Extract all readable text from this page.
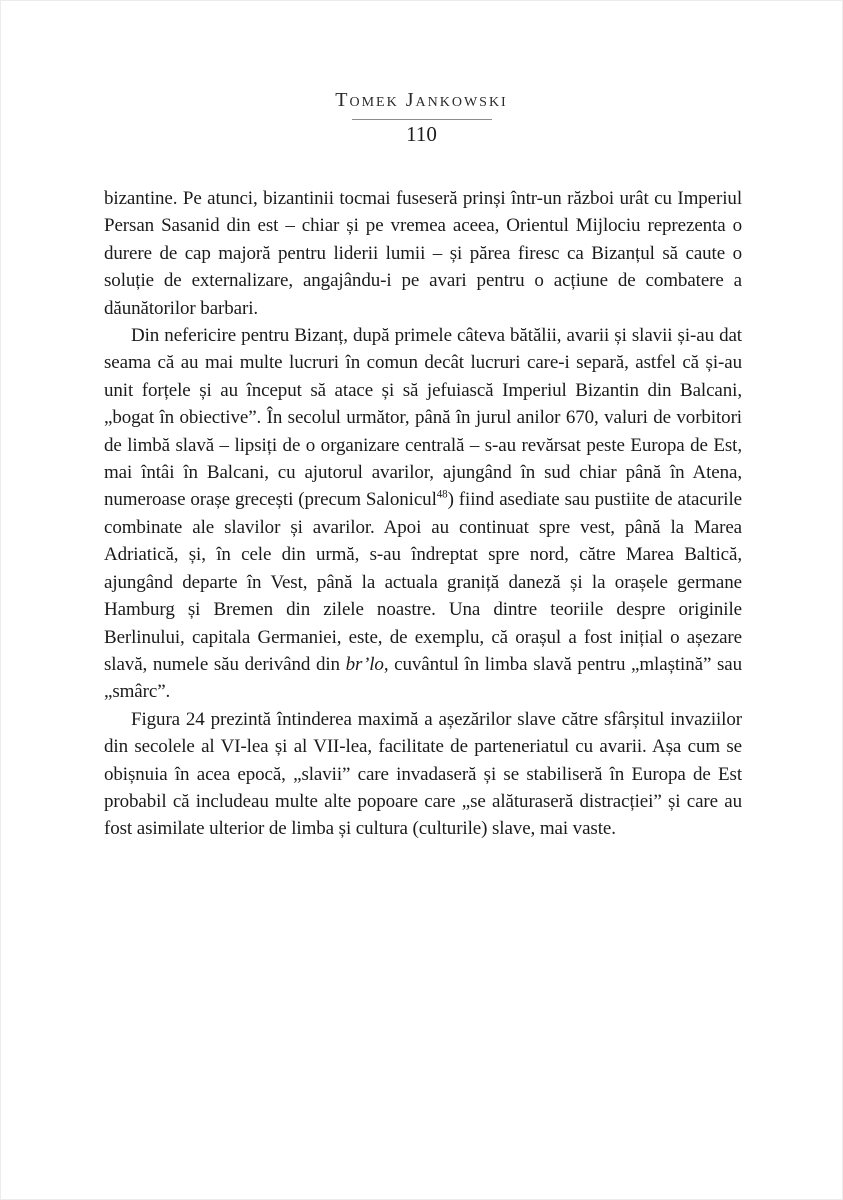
Tomek Jankowski
110

bizantine. Pe atunci, bizantinii tocmai fuseseră prinși într-un război urât cu Imperiul Persan Sasanid din est – chiar și pe vremea aceea, Orientul Mijlociu reprezenta o durere de cap majoră pentru liderii lumii – și părea firesc ca Bizanțul să caute o soluție de externalizare, angajându-i pe avari pentru o acțiune de combatere a dăunătorilor barbari.

Din nefericire pentru Bizanț, după primele câteva bătălii, avarii și slavii și-au dat seama că au mai multe lucruri în comun decât lucruri care-i separă, astfel că și-au unit forțele și au început să atace și să jefuiască Imperiul Bizantin din Balcani, „bogat în obiective”. În secolul următor, până în jurul anilor 670, valuri de vorbitori de limbă slavă – lipsiți de o organizare centrală – s-au revărsat peste Europa de Est, mai întâi în Balcani, cu ajutorul avarilor, ajungând în sud chiar până în Atena, numeroase orașe grecești (precum Salonicul$^{48}$) fiind asediate sau pustiite de atacurile combinate ale slavilor și avarilor. Apoi au continuat spre vest, până la Marea Adriatică, și, în cele din urmă, s-au îndreptat spre nord, către Marea Baltică, ajungând departe în Vest, până la actuala graniță daneză și la orașele germane Hamburg și Bremen din zilele noastre. Una dintre teoriile despre originile Berlinului, capitala Germaniei, este, de exemplu, că orașul a fost inițial o așezare slavă, numele său derivând din br’lo, cuvântul în limba slavă pentru „mlaștină” sau „smârc”.

Figura 24 prezintă întinderea maximă a așezărilor slave către sfârșitul invaziilor din secolele al VI-lea și al VII-lea, facilitate de parteneriatul cu avarii. Așa cum se obișnuia în acea epocă, „slavii” care invadaseră și se stabiliseră în Europa de Est probabil că includeau multe alte popoare care „se alăturaseră distracției” și care au fost asimilate ulterior de limba și cultura (culturile) slave, mai vaste.
